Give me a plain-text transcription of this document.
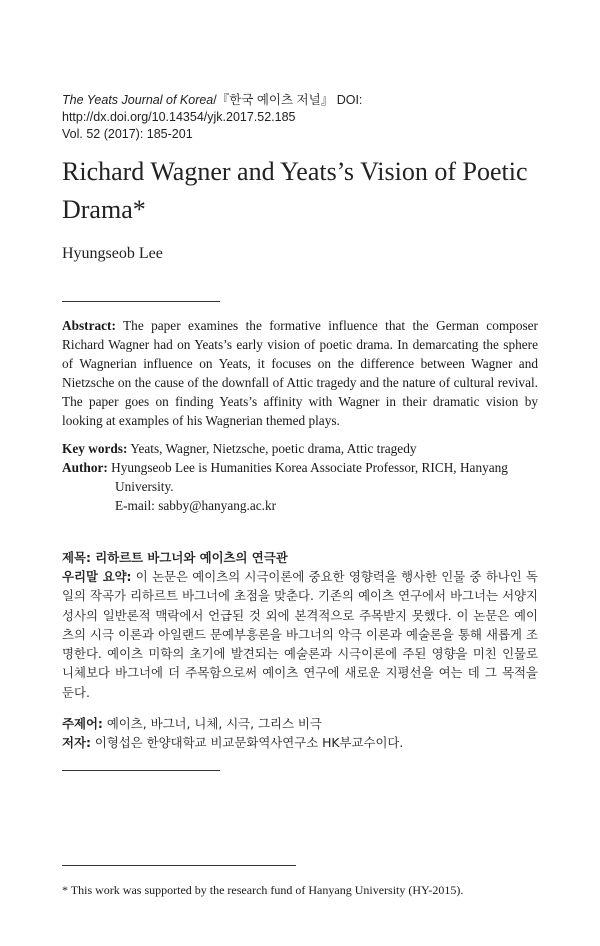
The Yeats Journal of Korea/『한국 예이츠 저널』 DOI: http://dx.doi.org/10.14354/yjk.2017.52.185
Vol. 52 (2017): 185-201
Richard Wagner and Yeats’s Vision of Poetic Drama*
Hyungseob Lee

Abstract: The paper examines the formative influence that the German composer Richard Wagner had on Yeats’s early vision of poetic drama. In demarcating the sphere of Wagnerian influence on Yeats, it focuses on the difference between Wagner and Nietzsche on the cause of the downfall of Attic tragedy and the nature of cultural revival. The paper goes on finding Yeats’s affinity with Wagner in their dramatic vision by looking at examples of his Wagnerian themed plays.

Key words: Yeats, Wagner, Nietzsche, poetic drama, Attic tragedy
Author: Hyungseob Lee is Humanities Korea Associate Professor, RICH, Hanyang
University.
E-mail: sabby@hanyang.ac.kr
제목: 리하르트 바그너와 예이츠의 연극관
우리말 요약: 이 논문은 예이츠의 시극이론에 중요한 영향력을 행사한 인물 중 하나인 독일의 작곡가 리하르트 바그너에 초점을 맞춘다. 기존의 예이츠 연구에서 바그너는 서양지성사의 일반론적 맥락에서 언급된 것 외에 본격적으로 주목받지 못했다. 이 논문은 예이츠의 시극 이론과 아일랜드 문예부흥론을 바그너의 악극 이론과 예술론을 통해 새롭게 조명한다. 예이츠 미학의 초기에 발견되는 예술론과 시극이론에 주된 영향을 미친 인물로 니체보다 바그너에 더 주목함으로써 예이츠 연구에 새로운 지평선을 여는 데 그 목적을 둔다.
주제어: 예이츠, 바그너, 니체, 시극, 그리스 비극
저자: 이형섭은 한양대학교 비교문화역사연구소 HK부교수이다.
* This work was supported by the research fund of Hanyang University (HY-2015).
